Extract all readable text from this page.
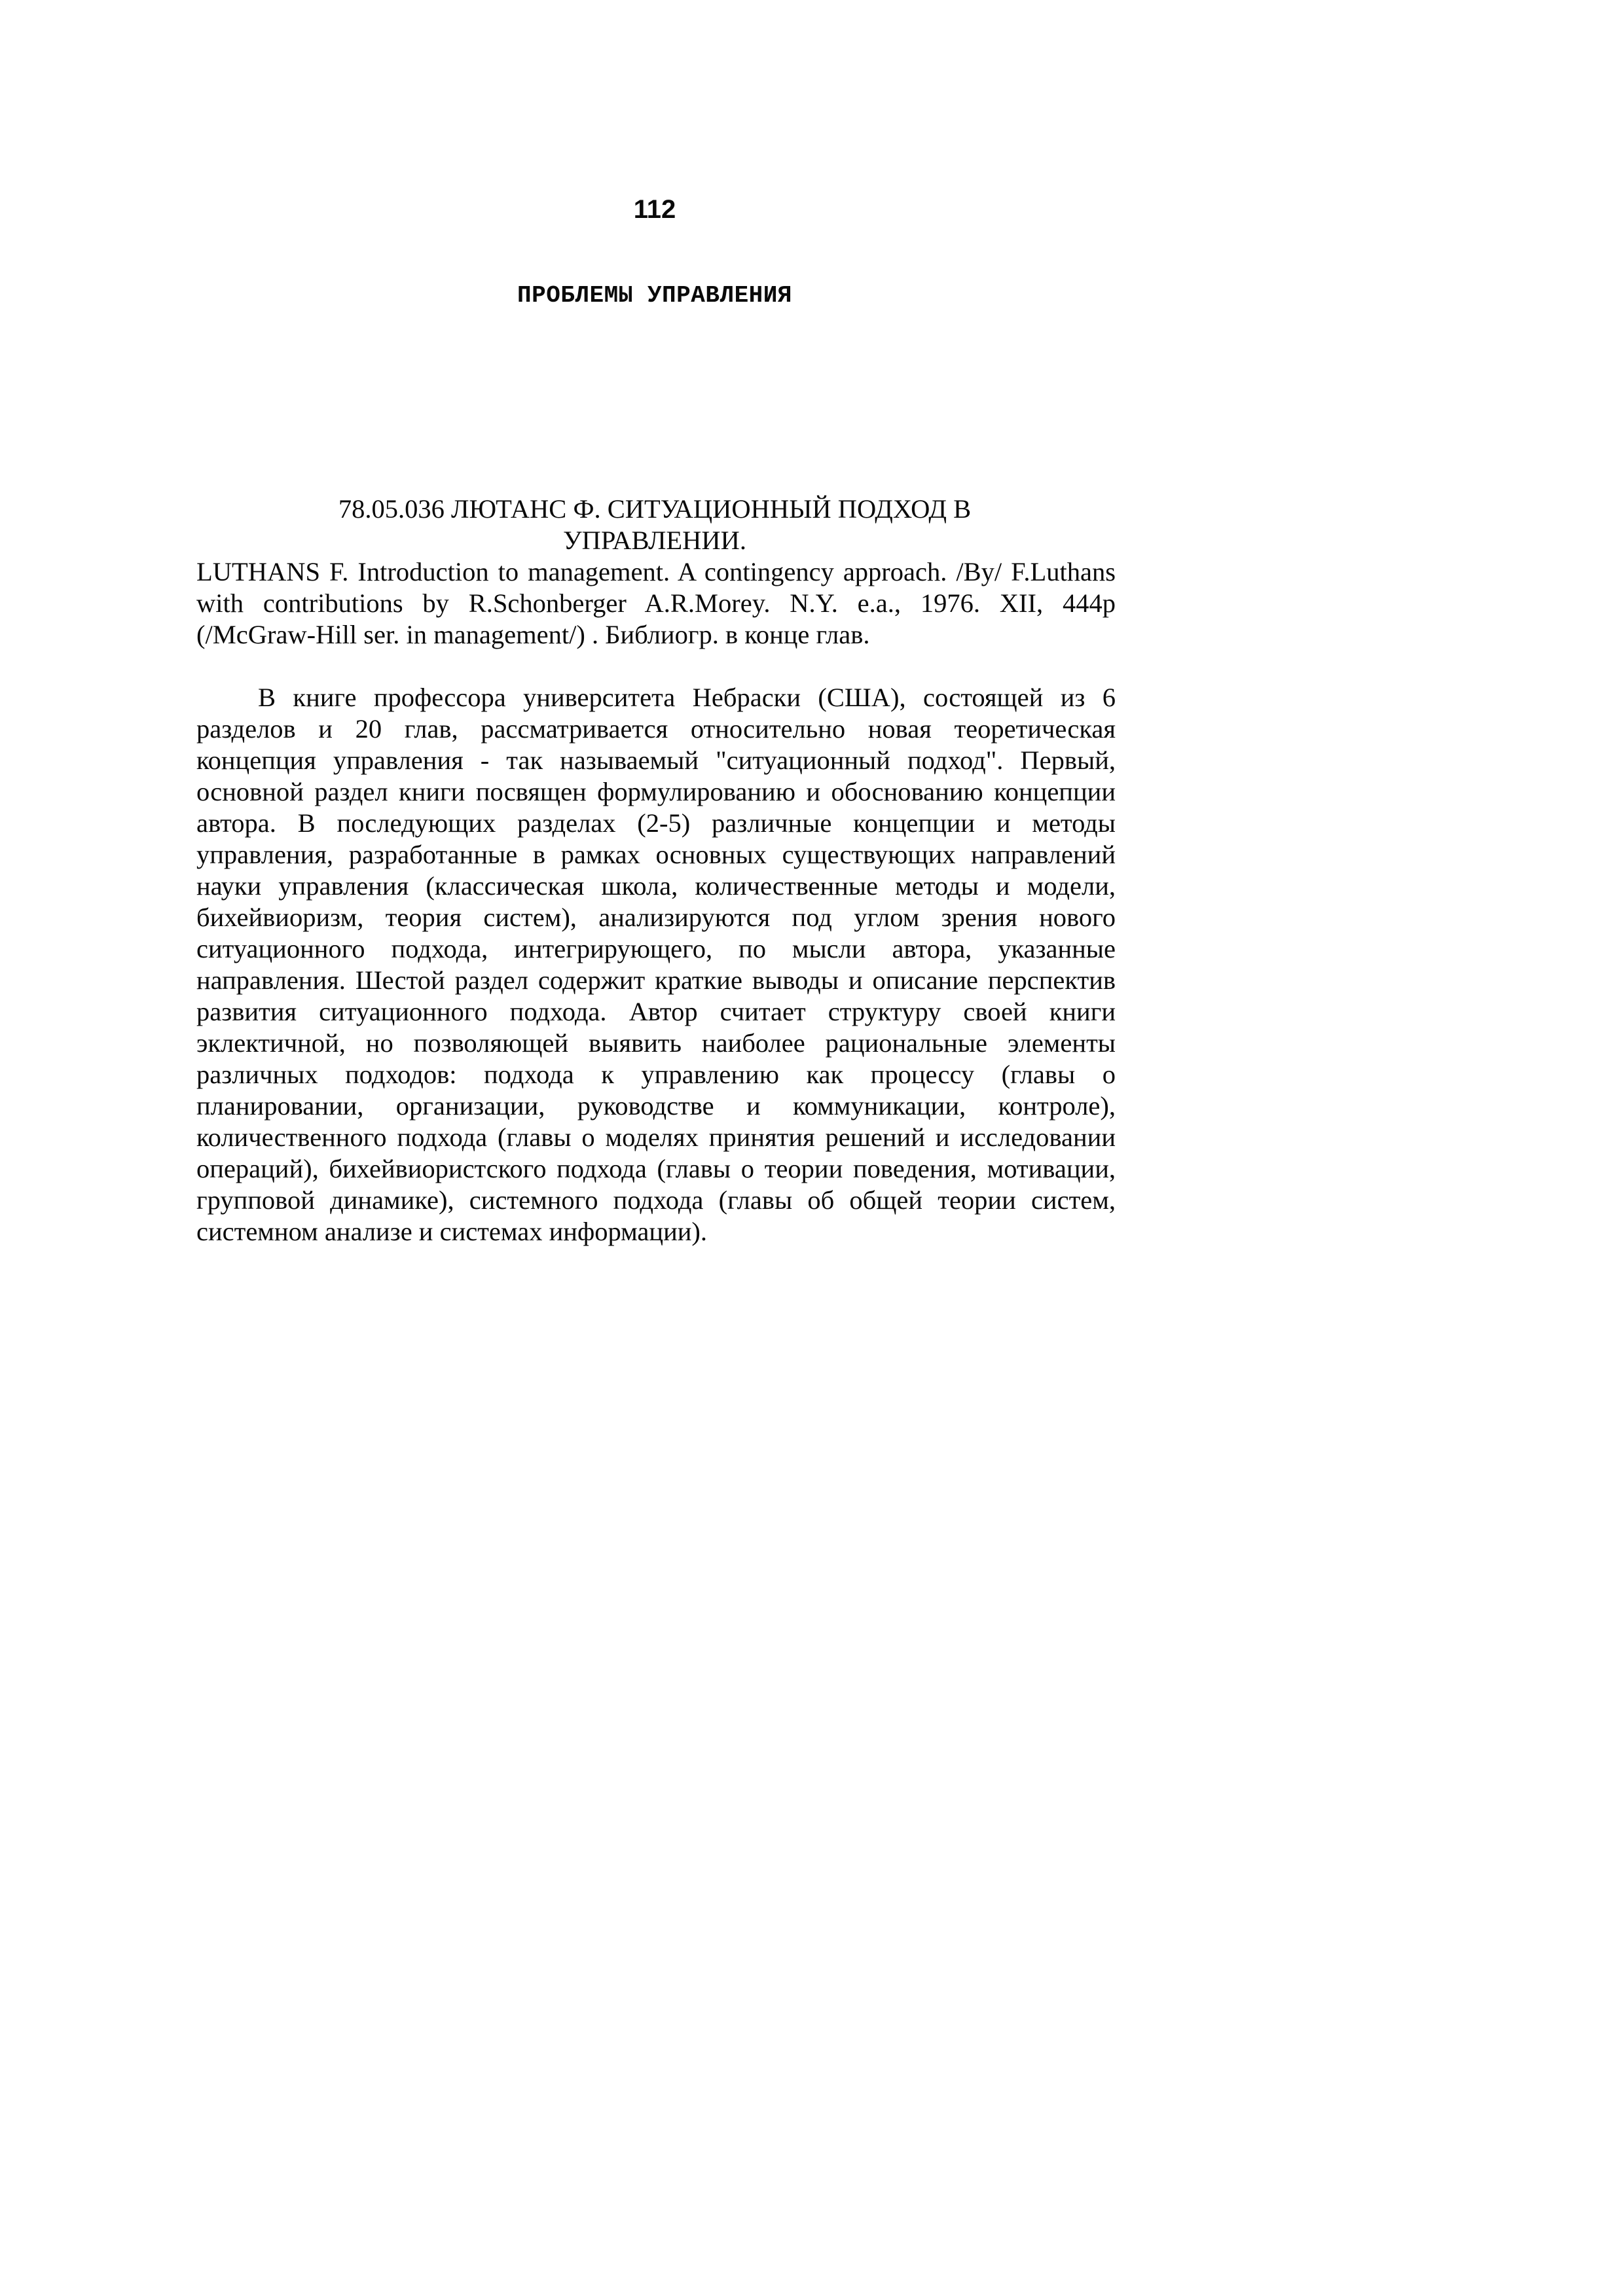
112
ПРОБЛЕМЫ УПРАВЛЕНИЯ
78.05.036 ЛЮТАНС Ф. СИТУАЦИОННЫЙ ПОДХОД В УПРАВЛЕНИИ.
LUTHANS F. Introduction to management. A contingency approach. /By/ F.Luthans with contributions by R.Schonberger A.R.Morey. N.Y. e.a., 1976. XII, 444p (/McGraw-Hill ser. in management/) . Библиогр. в конце глав.
В книге профессора университета Небраски (США), состоящей из 6 разделов и 20 глав, рассматривается относительно новая теоретическая концепция управления - так называемый "ситуационный подход". Первый, основной раздел книги посвящен формулированию и обоснованию концепции автора. В последующих разделах (2-5) различные концепции и методы управления, разработанные в рамках основных существующих направлений науки управления (классическая школа, количественные методы и модели, бихейвиоризм, теория систем), анализируются под углом зрения нового ситуационного подхода, интегрирующего, по мысли автора, указанные направления. Шестой раздел содержит краткие выводы и описание перспектив развития ситуационного подхода. Автор считает структуру своей книги эклектичной, но позволяющей выявить наиболее рациональные элементы различных подходов: подхода к управлению как процессу (главы о планировании, организации, руководстве и коммуникации, контроле), количественного подхода (главы о моделях принятия решений и исследовании операций), бихейвиористского подхода (главы о теории поведения, мотивации, групповой динамике), системного подхода (главы об общей теории систем, системном анализе и системах информации).
